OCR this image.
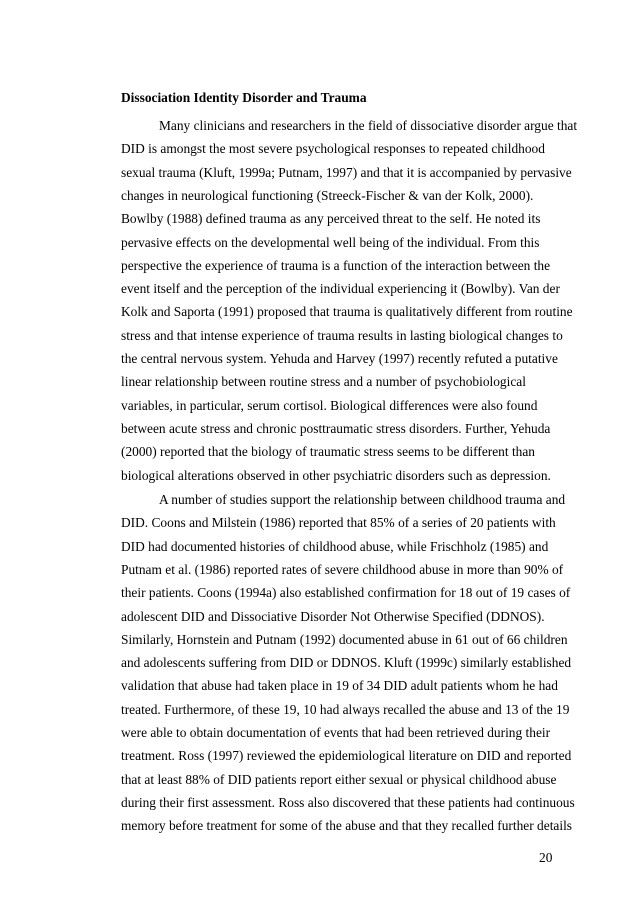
Dissociation Identity Disorder and Trauma
Many clinicians and researchers in the field of dissociative disorder argue that
DID is amongst the most severe psychological responses to repeated childhood
sexual trauma (Kluft, 1999a; Putnam, 1997) and that it is accompanied by pervasive
changes in neurological functioning (Streeck-Fischer & van der Kolk, 2000).
Bowlby (1988) defined trauma as any perceived threat to the self. He noted its
pervasive effects on the developmental well being of the individual. From this
perspective the experience of trauma is a function of the interaction between the
event itself and the perception of the individual experiencing it (Bowlby). Van der
Kolk and Saporta (1991) proposed that trauma is qualitatively different from routine
stress and that intense experience of trauma results in lasting biological changes to
the central nervous system. Yehuda and Harvey (1997) recently refuted a putative
linear relationship between routine stress and a number of psychobiological
variables, in particular, serum cortisol. Biological differences were also found
between acute stress and chronic posttraumatic stress disorders. Further, Yehuda
(2000) reported that the biology of traumatic stress seems to be different than
biological alterations observed in other psychiatric disorders such as depression.
A number of studies support the relationship between childhood trauma and
DID. Coons and Milstein (1986) reported that 85% of a series of 20 patients with
DID had documented histories of childhood abuse, while Frischholz (1985) and
Putnam et al. (1986) reported rates of severe childhood abuse in more than 90% of
their patients. Coons (1994a) also established confirmation for 18 out of 19 cases of
adolescent DID and Dissociative Disorder Not Otherwise Specified (DDNOS).
Similarly, Hornstein and Putnam (1992) documented abuse in 61 out of 66 children
and adolescents suffering from DID or DDNOS. Kluft (1999c) similarly established
validation that abuse had taken place in 19 of 34 DID adult patients whom he had
treated. Furthermore, of these 19, 10 had always recalled the abuse and 13 of the 19
were able to obtain documentation of events that had been retrieved during their
treatment. Ross (1997) reviewed the epidemiological literature on DID and reported
that at least 88% of DID patients report either sexual or physical childhood abuse
during their first assessment. Ross also discovered that these patients had continuous
memory before treatment for some of the abuse and that they recalled further details
20
